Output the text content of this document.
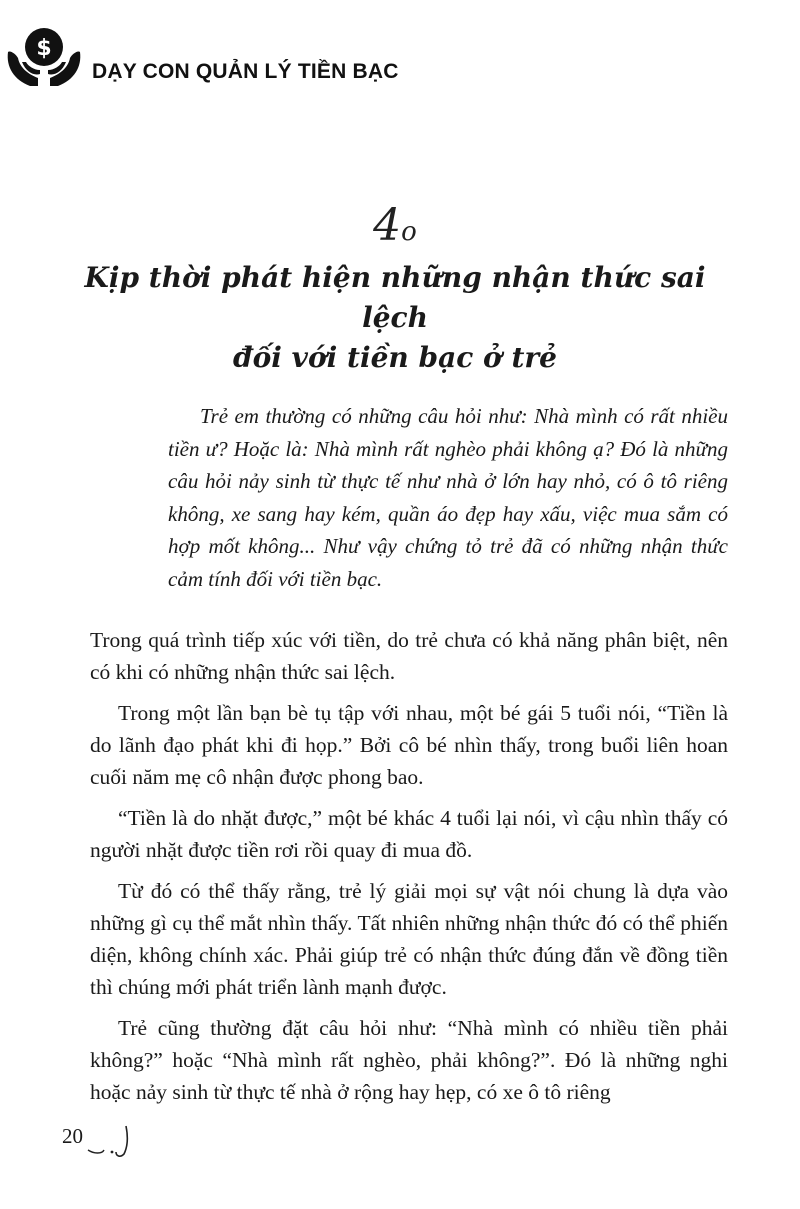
$
DẠY CON QUẢN LÝ TIỀN BẠC
4o
Kịp thời phát hiện những nhận thức sai lệch
đối với tiền bạc ở trẻ

Trẻ em thường có những câu hỏi như: Nhà mình có rất nhiều tiền ư? Hoặc là: Nhà mình rất nghèo phải không ạ? Đó là những câu hỏi nảy sinh từ thực tế như nhà ở lớn hay nhỏ, có ô tô riêng không, xe sang hay kém, quần áo đẹp hay xấu, việc mua sắm có hợp mốt không... Như vậy chứng tỏ trẻ đã có những nhận thức cảm tính đối với tiền bạc.

Trong quá trình tiếp xúc với tiền, do trẻ chưa có khả năng phân biệt, nên có khi có những nhận thức sai lệch.

Trong một lần bạn bè tụ tập với nhau, một bé gái 5 tuổi nói, “Tiền là do lãnh đạo phát khi đi họp.” Bởi cô bé nhìn thấy, trong buổi liên hoan cuối năm mẹ cô nhận được phong bao.

“Tiền là do nhặt được,” một bé khác 4 tuổi lại nói, vì cậu nhìn thấy có người nhặt được tiền rơi rồi quay đi mua đồ.

Từ đó có thể thấy rằng, trẻ lý giải mọi sự vật nói chung là dựa vào những gì cụ thể mắt nhìn thấy. Tất nhiên những nhận thức đó có thể phiến diện, không chính xác. Phải giúp trẻ có nhận thức đúng đắn về đồng tiền thì chúng mới phát triển lành mạnh được.

Trẻ cũng thường đặt câu hỏi như: “Nhà mình có nhiều tiền phải không?” hoặc “Nhà mình rất nghèo, phải không?”. Đó là những nghi hoặc nảy sinh từ thực tế nhà ở rộng hay hẹp, có xe ô tô riêng

20
